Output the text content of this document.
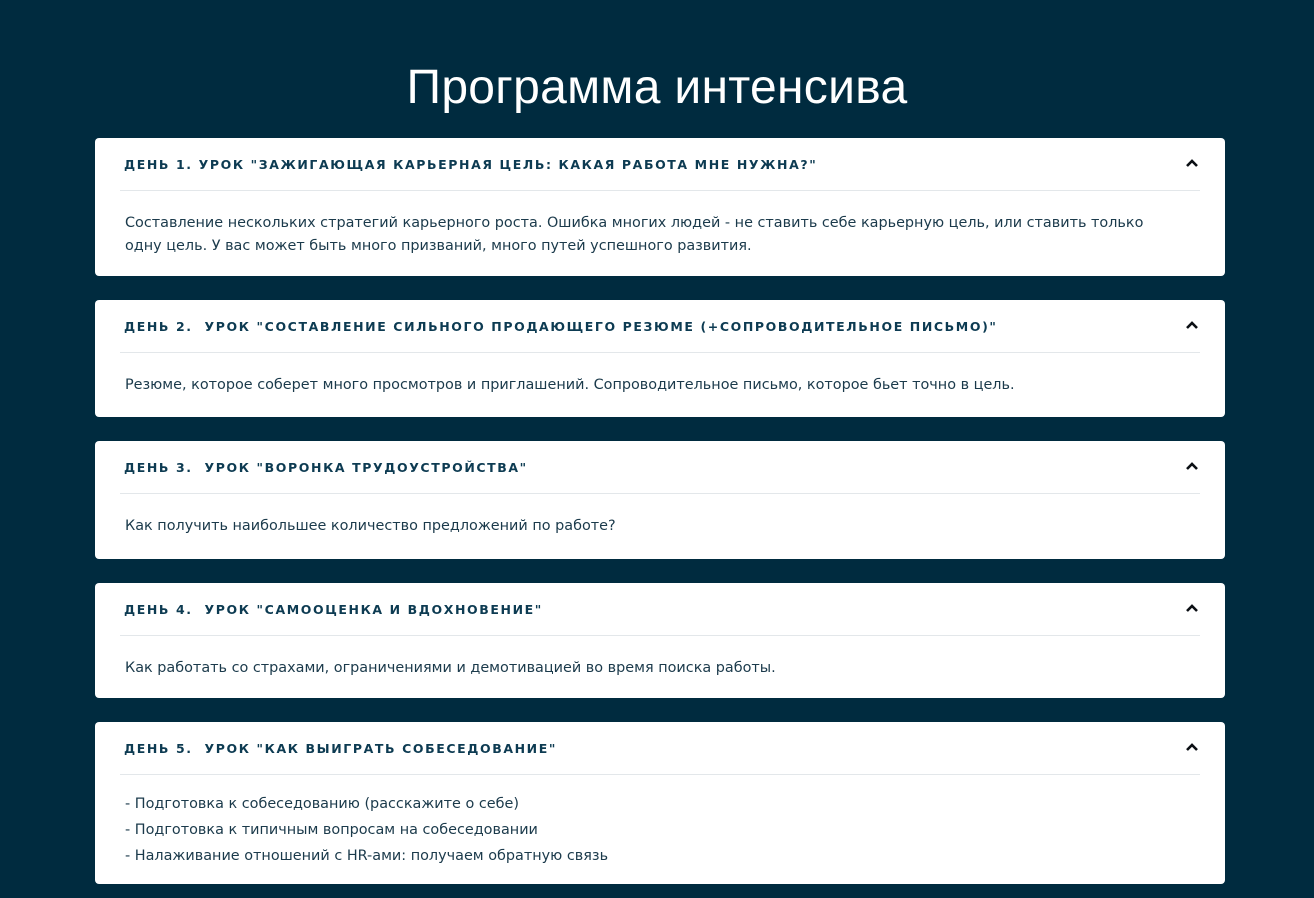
Программа интенсива
ДЕНЬ 1. УРОК "ЗАЖИГАЮЩАЯ КАРЬЕРНАЯ ЦЕЛЬ: КАКАЯ РАБОТА МНЕ НУЖНА?"
Составление нескольких стратегий карьерного роста. Ошибка многих людей - не ставить себе карьерную цель, или ставить только
одну цель. У вас может быть много призваний, много путей успешного развития.
ДЕНЬ 2.  УРОК "СОСТАВЛЕНИЕ СИЛЬНОГО ПРОДАЮЩЕГО РЕЗЮМЕ (+СОПРОВОДИТЕЛЬНОЕ ПИСЬМО)"
Резюме, которое соберет много просмотров и приглашений. Сопроводительное письмо, которое бьет точно в цель.
ДЕНЬ 3.  УРОК "ВОРОНКА ТРУДОУСТРОЙСТВА"
Как получить наибольшее количество предложений по работе?
ДЕНЬ 4.  УРОК "САМООЦЕНКА И ВДОХНОВЕНИЕ"
Как работать со страхами, ограничениями и демотивацией во время поиска работы.
ДЕНЬ 5.  УРОК "КАК ВЫИГРАТЬ СОБЕСЕДОВАНИЕ"
- Подготовка к собеседованию (расскажите о себе)
- Подготовка к типичным вопросам на собеседовании
- Налаживание отношений с HR-ами: получаем обратную связь
